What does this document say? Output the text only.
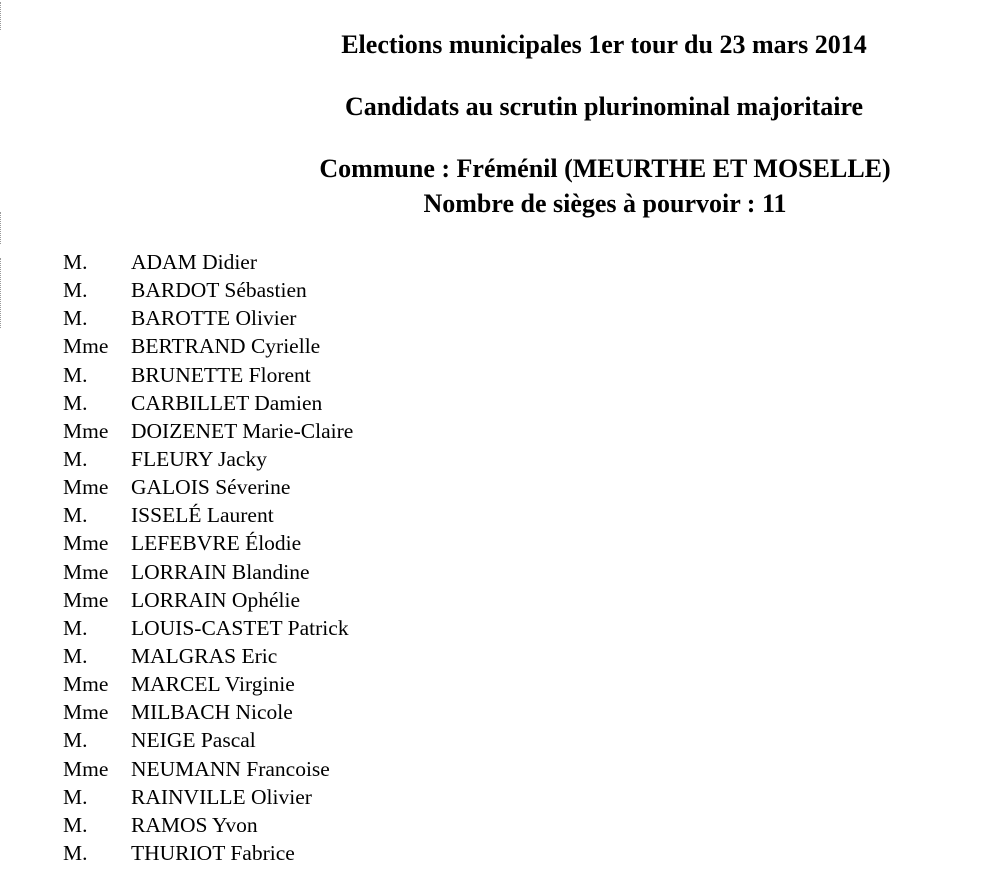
Elections municipales 1er tour du 23 mars 2014
Candidats au scrutin plurinominal majoritaire
Commune : Fréménil (MEURTHE ET MOSELLE)
Nombre de sièges à pourvoir : 11
M.	ADAM Didier
M.	BARDOT Sébastien
M.	BAROTTE Olivier
Mme	BERTRAND Cyrielle
M.	BRUNETTE Florent
M.	CARBILLET Damien
Mme	DOIZENET Marie-Claire
M.	FLEURY Jacky
Mme	GALOIS Séverine
M.	ISSELÉ Laurent
Mme	LEFEBVRE Élodie
Mme	LORRAIN Blandine
Mme	LORRAIN Ophélie
M.	LOUIS-CASTET Patrick
M.	MALGRAS Eric
Mme	MARCEL Virginie
Mme	MILBACH Nicole
M.	NEIGE Pascal
Mme	NEUMANN Francoise
M.	RAINVILLE Olivier
M.	RAMOS Yvon
M.	THURIOT Fabrice
